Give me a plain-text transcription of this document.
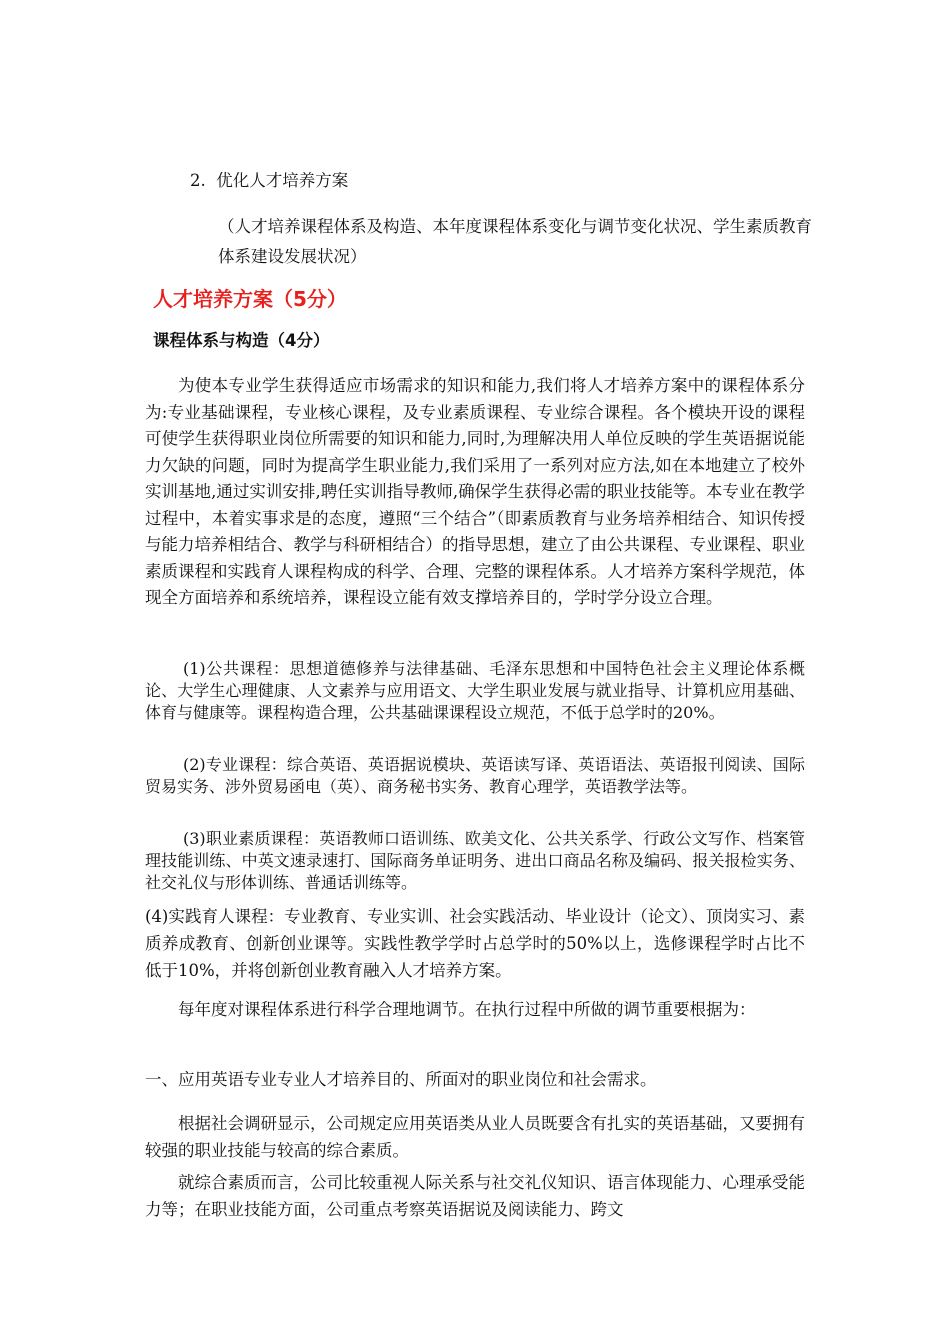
2. 优化人才培养方案

（人才培养课程体系及构造、本年度课程体系变化与调节变化状况、学生素质教育体系建设发展状况）

人才培养方案（5分）

课程体系与构造（4分）

为使本专业学生获得适应市场需求的知识和能力,我们将人才培养方案中的课程体系分为:专业基础课程，专业核心课程，及专业素质课程、专业综合课程。各个模块开设的课程可使学生获得职业岗位所需要的知识和能力,同时,为理解决用人单位反映的学生英语据说能力欠缺的问题，同时为提高学生职业能力,我们采用了一系列对应方法,如在本地建立了校外实训基地,通过实训安排,聘任实训指导教师,确保学生获得必需的职业技能等。本专业在教学过程中，本着实事求是的态度，遵照“三个结合”（即素质教育与业务培养相结合、知识传授与能力培养相结合、教学与科研相结合）的指导思想，建立了由公共课程、专业课程、职业素质课程和实践育人课程构成的科学、合理、完整的课程体系。人才培养方案科学规范，体现全方面培养和系统培养，课程设立能有效支撑培养目的，学时学分设立合理。

(1)公共课程：思想道德修养与法律基础、毛泽东思想和中国特色社会主义理论体系概论、大学生心理健康、人文素养与应用语文、大学生职业发展与就业指导、计算机应用基础、体育与健康等。课程构造合理，公共基础课课程设立规范，不低于总学时的20%。

(2)专业课程：综合英语、英语据说模块、英语读写译、英语语法、英语报刊阅读、国际贸易实务、涉外贸易函电（英）、商务秘书实务、教育心理学，英语教学法等。

(3)职业素质课程：英语教师口语训练、欧美文化、公共关系学、行政公文写作、档案管理技能训练、中英文速录速打、国际商务单证明务、进出口商品名称及编码、报关报检实务、社交礼仪与形体训练、普通话训练等。

(4)实践育人课程：专业教育、专业实训、社会实践活动、毕业设计（论文）、顶岗实习、素质养成教育、创新创业课等。实践性教学学时占总学时的50%以上，选修课程学时占比不低于10%，并将创新创业教育融入人才培养方案。

每年度对课程体系进行科学合理地调节。在执行过程中所做的调节重要根据为：

一、应用英语专业专业人才培养目的、所面对的职业岗位和社会需求。

根据社会调研显示，公司规定应用英语类从业人员既要含有扎实的英语基础，又要拥有较强的职业技能与较高的综合素质。

就综合素质而言，公司比较重视人际关系与社交礼仪知识、语言体现能力、心理承受能力等；在职业技能方面，公司重点考察英语据说及阅读能力、跨文
